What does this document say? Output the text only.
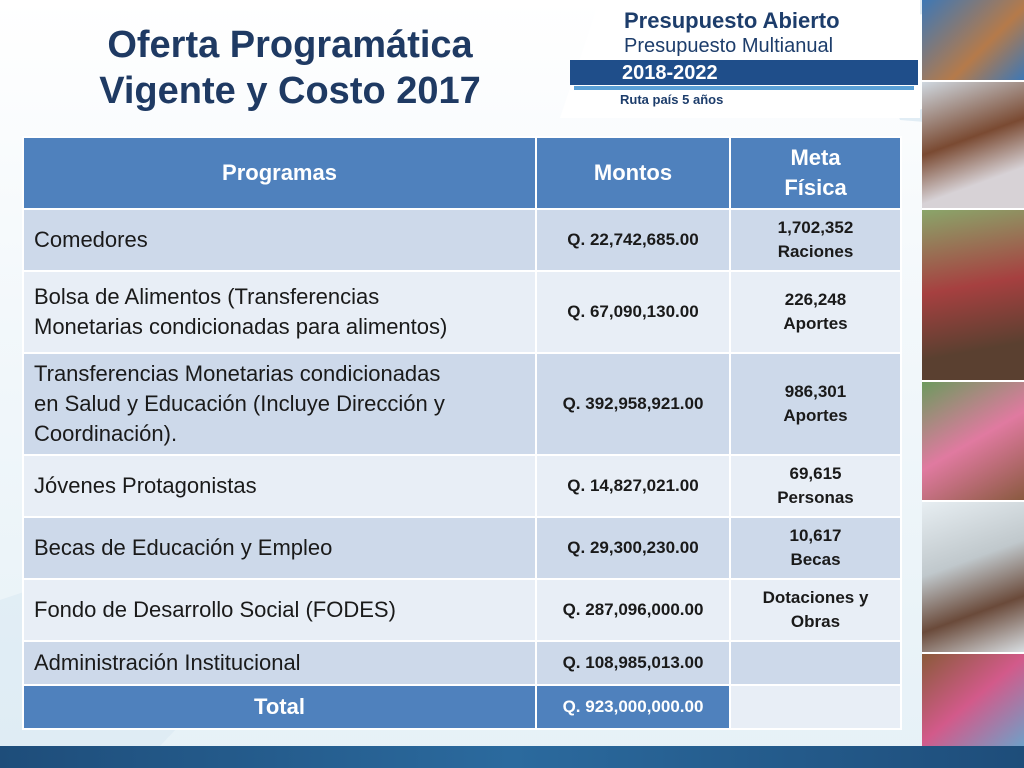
Oferta Programática
Vigente y Costo 2017
Presupuesto Abierto
Presupuesto Multianual
2018-2022
Ruta país 5 años
Programas	Montos	Meta
Física

Comedores	Q. 22,742,685.00	1,702,352
Raciones

Bolsa de Alimentos (Transferencias
Monetarias condicionadas para alimentos)	Q. 67,090,130.00	226,248
Aportes

Transferencias Monetarias condicionadas
en Salud y Educación (Incluye Dirección y
Coordinación).	Q. 392,958,921.00	986,301
Aportes

Jóvenes Protagonistas	Q. 14,827,021.00	69,615
Personas

Becas de Educación y Empleo	Q. 29,300,230.00	10,617
Becas

Fondo de Desarrollo Social (FODES)	Q. 287,096,000.00	Dotaciones y
Obras

Administración Institucional	Q. 108,985,013.00	
Total	Q. 923,000,000.00	
